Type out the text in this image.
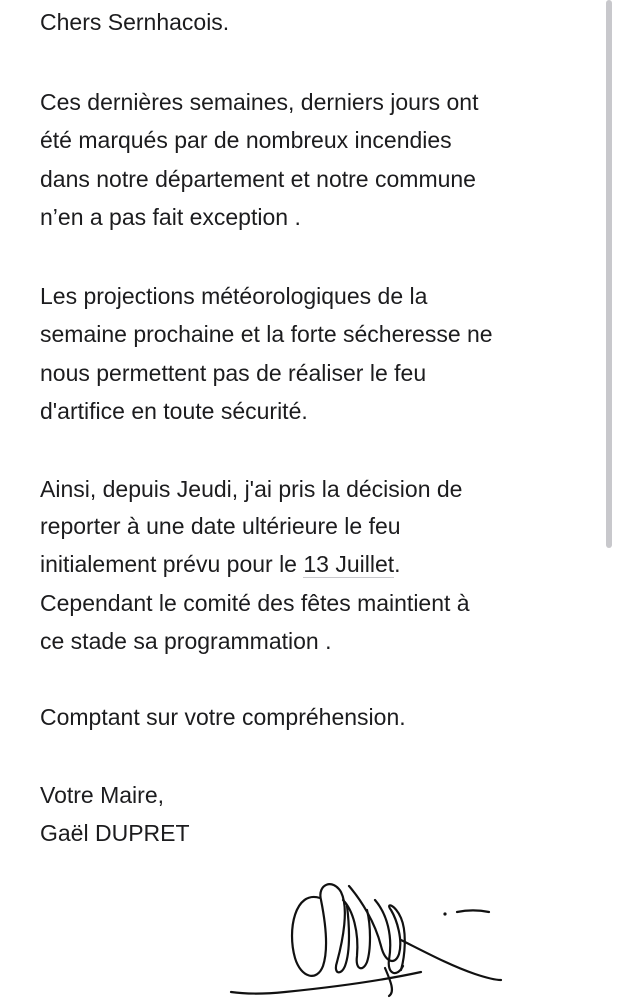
Chers Sernhacois.

Ces dernières semaines, derniers jours ont

été marqués par de nombreux incendies

dans notre département et notre commune

n’en a pas fait exception .

Les projections météorologiques de la

semaine prochaine et la forte sécheresse ne

nous permettent pas de réaliser le feu

d'artifice en toute sécurité.

Ainsi, depuis Jeudi, j'ai pris la décision de

reporter à une date ultérieure le feu

initialement prévu pour le 13 Juillet.

Cependant le comité des fêtes maintient à

ce stade sa programmation .

Comptant sur votre compréhension.

Votre Maire,

Gaël DUPRET
